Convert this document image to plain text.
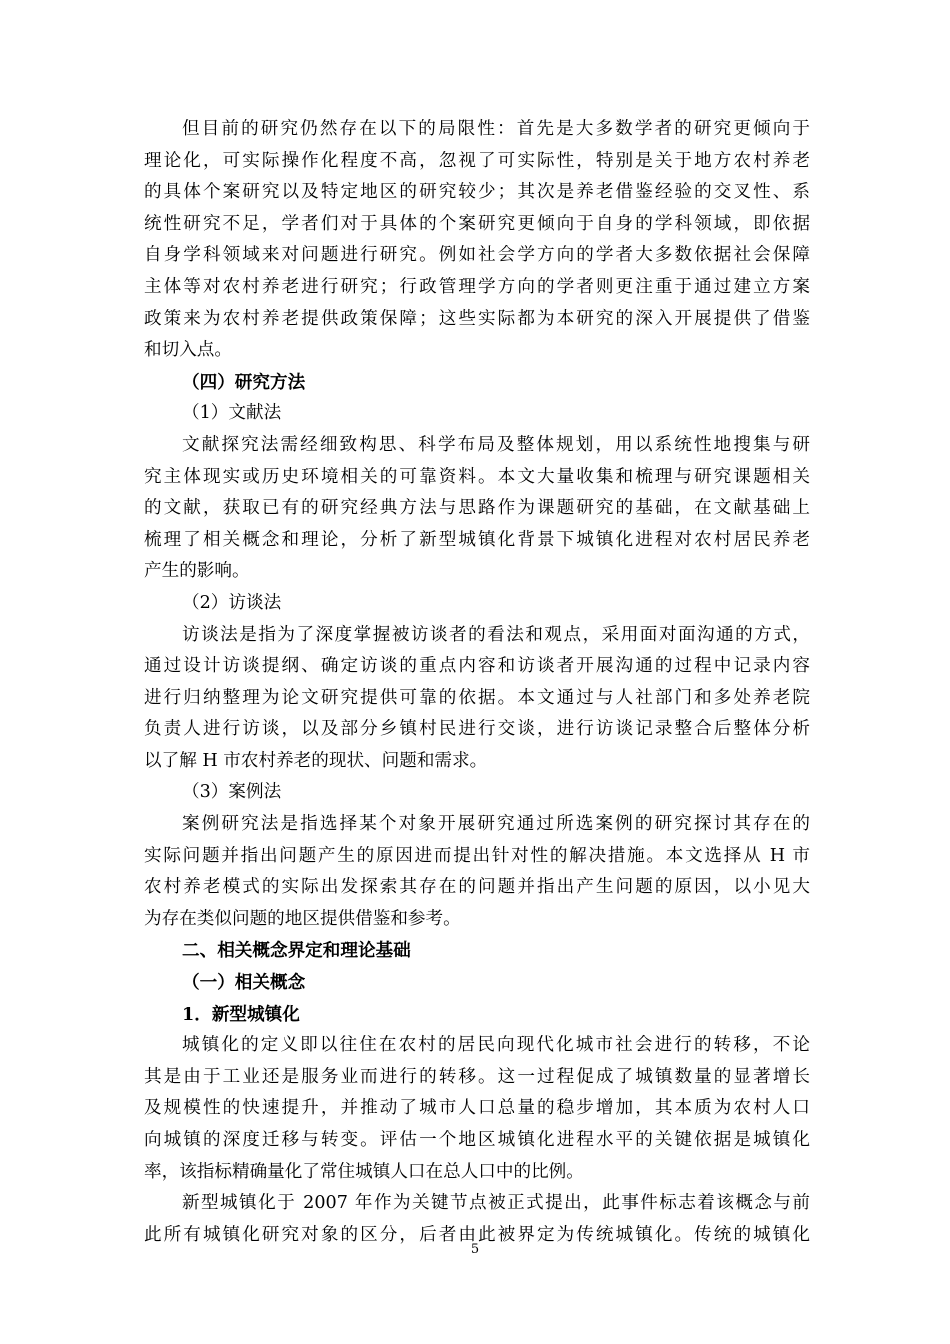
但目前的研究仍然存在以下的局限性：首先是大多数学者的研究更倾向于
理论化，可实际操作化程度不高，忽视了可实际性，特别是关于地方农村养老
的具体个案研究以及特定地区的研究较少；其次是养老借鉴经验的交叉性、系
统性研究不足，学者们对于具体的个案研究更倾向于自身的学科领域，即依据
自身学科领域来对问题进行研究。例如社会学方向的学者大多数依据社会保障
主体等对农村养老进行研究；行政管理学方向的学者则更注重于通过建立方案
政策来为农村养老提供政策保障；这些实际都为本研究的深入开展提供了借鉴
和切入点。
（四）研究方法
（1）文献法
文献探究法需经细致构思、科学布局及整体规划，用以系统性地搜集与研
究主体现实或历史环境相关的可靠资料。本文大量收集和梳理与研究课题相关
的文献，获取已有的研究经典方法与思路作为课题研究的基础，在文献基础上
梳理了相关概念和理论，分析了新型城镇化背景下城镇化进程对农村居民养老
产生的影响。
（2）访谈法
访谈法是指为了深度掌握被访谈者的看法和观点，采用面对面沟通的方式，
通过设计访谈提纲、确定访谈的重点内容和访谈者开展沟通的过程中记录内容
进行归纳整理为论文研究提供可靠的依据。本文通过与人社部门和多处养老院
负责人进行访谈，以及部分乡镇村民进行交谈，进行访谈记录整合后整体分析
以了解 H 市农村养老的现状、问题和需求。
（3）案例法
案例研究法是指选择某个对象开展研究通过所选案例的研究探讨其存在的
实际问题并指出问题产生的原因进而提出针对性的解决措施。本文选择从 H 市
农村养老模式的实际出发探索其存在的问题并指出产生问题的原因，以小见大
为存在类似问题的地区提供借鉴和参考。
二、相关概念界定和理论基础
（一）相关概念
1．新型城镇化
城镇化的定义即以往住在农村的居民向现代化城市社会进行的转移，不论
其是由于工业还是服务业而进行的转移。这一过程促成了城镇数量的显著增长
及规模性的快速提升，并推动了城市人口总量的稳步增加，其本质为农村人口
向城镇的深度迁移与转变。评估一个地区城镇化进程水平的关键依据是城镇化
率，该指标精确量化了常住城镇人口在总人口中的比例。
新型城镇化于 2007 年作为关键节点被正式提出，此事件标志着该概念与前
此所有城镇化研究对象的区分，后者由此被界定为传统城镇化。传统的城镇化
5
